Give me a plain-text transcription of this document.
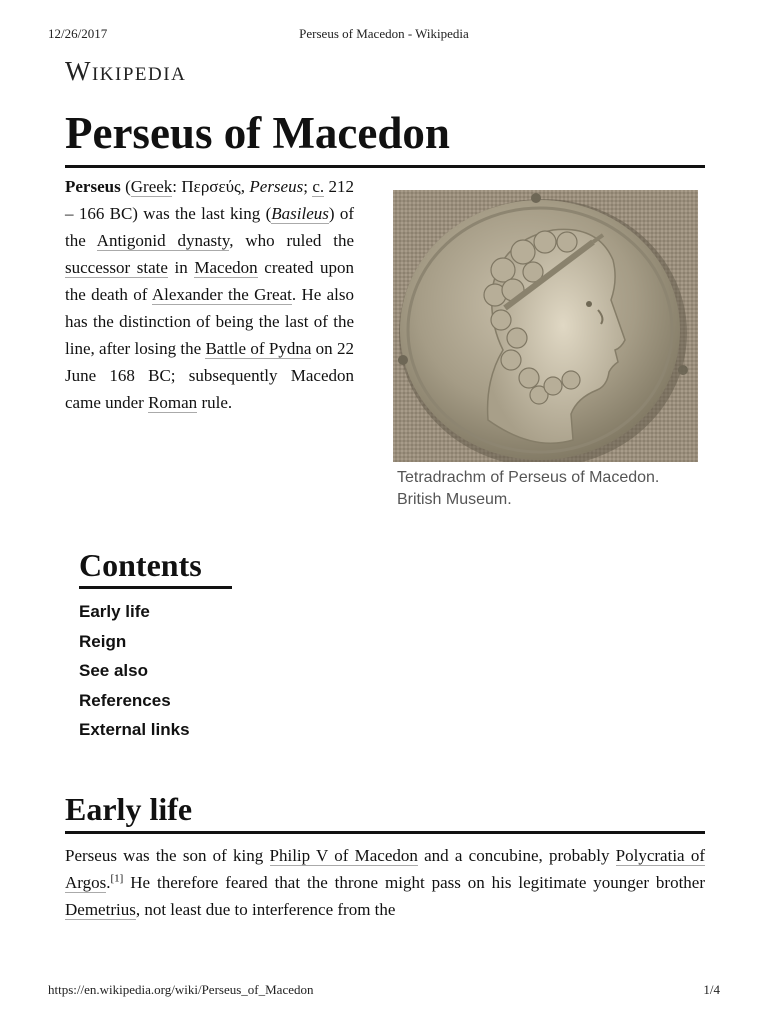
12/26/2017	Perseus of Macedon - Wikipedia
Wikipedia
Perseus of Macedon

Perseus (Greek: Περσεύς, Perseus; c. 212 – 166 BC) was the last king (Basileus) of the Antigonid dynasty, who ruled the successor state in Macedon created upon the death of Alexander the Great. He also has the distinction of being the last of the line, after losing the Battle of Pydna on 22 June 168 BC; subsequently Macedon came under Roman rule.

Tetradrachm of Perseus of Macedon. British Museum.
Contents
Early life
Reign
See also
References
External links
Early life

Perseus was the son of king Philip V of Macedon and a concubine, probably Polycratia of Argos.[1] He therefore feared that the throne might pass on his legitimate younger brother Demetrius, not least due to interference from the

https://en.wikipedia.org/wiki/Perseus_of_Macedon	1/4
